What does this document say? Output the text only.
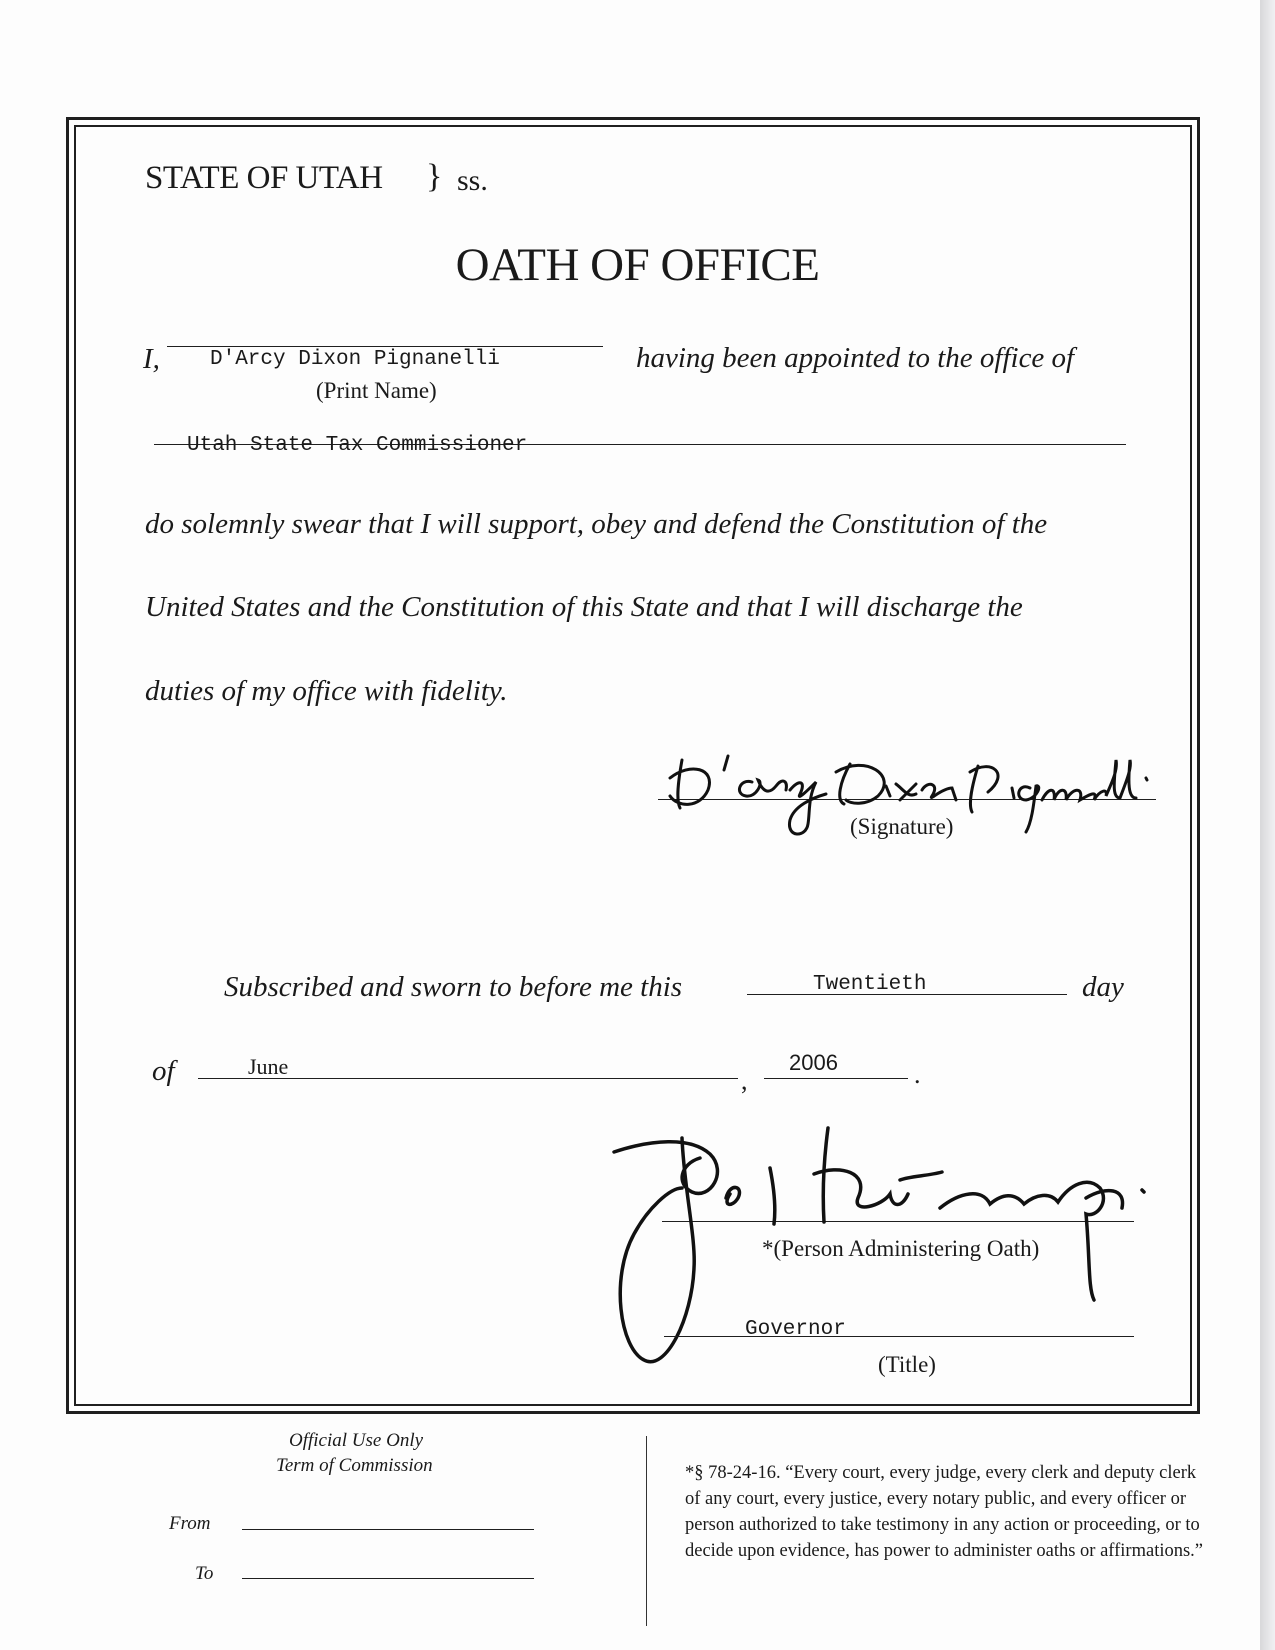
STATE OF UTAH } ss.
OATH OF OFFICE
I, D'Arcy Dixon Pignanelli
(Print Name)
having been appointed to the office of
Utah State Tax Commissioner
do solemnly swear that I will support, obey and defend the Constitution of the
United States and the Constitution of this State and that I will discharge the
duties of my office with fidelity.
(Signature)
Subscribed and sworn to before me this	Twentieth	day
of	June	,
2006	.
*(Person Administering Oath)
Governor
(Title)
Official Use Only
Term of Commission
From
To
*§ 78-24-16. “Every court, every judge, every clerk and deputy clerk of any court, every justice, every notary public, and every officer or person authorized to take testimony in any action or proceeding, or to decide upon evidence, has power to administer oaths or affirmations.”
